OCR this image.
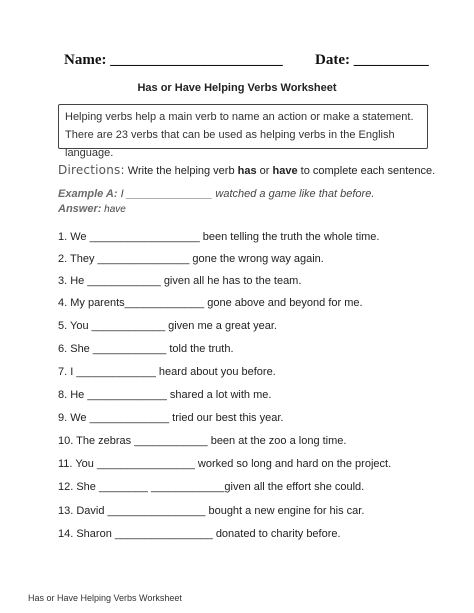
Name: _______________________ Date: __________
Has or Have Helping Verbs Worksheet
Helping verbs help a main verb to name an action or make a statement. There are 23 verbs that can be used as helping verbs in the English language.
Directions: Write the helping verb has or have to complete each sentence.
Example A: I ______________ watched a game like that before.
Answer: have
1. We __________________ been telling the truth the whole time.
2. They _______________ gone the wrong way again.
3. He ____________ given all he has to the team.
4. My parents_____________ gone above and beyond for me.
5. You ____________ given me a great year.
6. She ____________ told the truth.
7. I _____________ heard about you before.
8. He _____________ shared a lot with me.
9. We _____________ tried our best this year.
10. The zebras ____________ been at the zoo a long time.
11. You ________________ worked so long and hard on the project.
12. She ________ ____________given all the effort she could.
13. David ________________ bought a new engine for his car.
14. Sharon ________________ donated to charity before.
Has or Have Helping Verbs Worksheet
